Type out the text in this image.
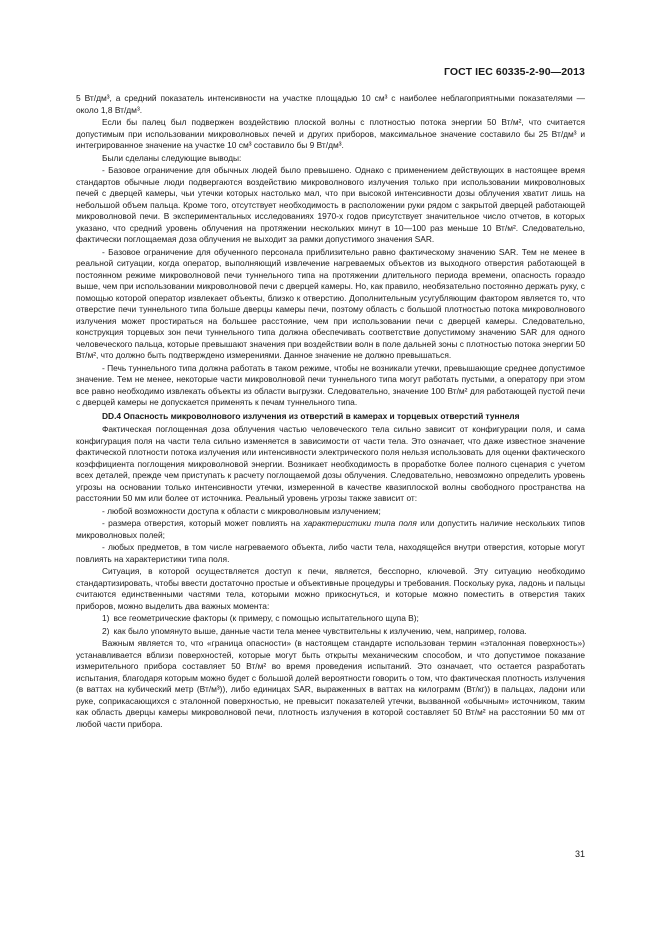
ГОСТ IEC 60335-2-90—2013

5 Вт/дм³, а средний показатель интенсивности на участке площадью 10 см³ с наиболее неблагоприятными показателями — около 1,8 Вт/дм³.

Если бы палец был подвержен воздействию плоской волны с плотностью потока энергии 50 Вт/м², что считается допустимым при использовании микроволновых печей и других приборов, максимальное значение составило бы 25 Вт/дм³ и интегрированное значение на участке 10 см³ составило бы 9 Вт/дм³.

Были сделаны следующие выводы:

- Базовое ограничение для обычных людей было превышено. Однако с применением действующих в настоящее время стандартов обычные люди подвергаются воздействию микроволнового излучения только при использовании микроволновых печей с дверцей камеры, чьи утечки которых настолько мал, что при высокой интенсивности дозы облучения хватит лишь на небольшой объем пальца. Кроме того, отсутствует необходимость в расположении руки рядом с закрытой дверцей работающей микроволновой печи. В экспериментальных исследованиях 1970-х годов присутствует значительное число отчетов, в которых указано, что средний уровень облучения на протяжении нескольких минут в 10—100 раз меньше 10 Вт/м². Следовательно, фактически поглощаемая доза облучения не выходит за рамки допустимого значения SAR.

- Базовое ограничение для обученного персонала приблизительно равно фактическому значению SAR. Тем не менее в реальной ситуации, когда оператор, выполняющий извлечение нагреваемых объектов из выходного отверстия работающей в постоянном режиме микроволновой печи туннельного типа на протяжении длительного периода времени, опасность гораздо выше, чем при использовании микроволновой печи с дверцей камеры. Но, как правило, необязательно постоянно держать руку, с помощью которой оператор извлекает объекты, близко к отверстию. Дополнительным усугубляющим фактором является то, что отверстие печи туннельного типа больше дверцы камеры печи, поэтому область с большой плотностью потока микроволнового излучения может простираться на большее расстояние, чем при использовании печи с дверцей камеры. Следовательно, конструкция торцевых зон печи туннельного типа должна обеспечивать соответствие допустимому значению SAR для одного человеческого пальца, которые превышают значения при воздействии волн в поле дальней зоны с плотностью потока энергии 50 Вт/м², что должно быть подтверждено измерениями. Данное значение не должно превышаться.

- Печь туннельного типа должна работать в таком режиме, чтобы не возникали утечки, превышающие среднее допустимое значение. Тем не менее, некоторые части микроволновой печи туннельного типа могут работать пустыми, а оператору при этом все равно необходимо извлекать объекты из области выгрузки. Следовательно, значение 100 Вт/м² для работающей пустой печи с дверцей камеры не допускается применять к печам туннельного типа.

DD.4 Опасность микроволнового излучения из отверстий в камерах и торцевых отверстий туннеля

Фактическая поглощенная доза облучения частью человеческого тела сильно зависит от конфигурации поля, и сама конфигурация поля на части тела сильно изменяется в зависимости от части тела. Это означает, что даже известное значение фактической плотности потока излучения или интенсивности электрического поля нельзя использовать для оценки фактического коэффициента поглощения микроволновой энергии. Возникает необходимость в проработке более полного сценария с учетом всех деталей, прежде чем приступать к расчету поглощаемой дозы облучения. Следовательно, невозможно определить уровень угрозы на основании только интенсивности утечки, измеренной в качестве квазиплоской волны свободного пространства на расстоянии 50 мм или более от источника. Реальный уровень угрозы также зависит от:

- любой возможности доступа к области с микроволновым излучением;

- размера отверстия, который может повлиять на характеристики типа поля или допустить наличие нескольких типов микроволновых полей;

- любых предметов, в том числе нагреваемого объекта, либо части тела, находящейся внутри отверстия, которые могут повлиять на характеристики типа поля.

Ситуация, в которой осуществляется доступ к печи, является, бесспорно, ключевой. Эту ситуацию необходимо стандартизировать, чтобы ввести достаточно простые и объективные процедуры и требования. Поскольку рука, ладонь и пальцы считаются единственными частями тела, которыми можно прикоснуться, и которые можно поместить в отверстия таких приборов, можно выделить два важных момента:

1) все геометрические факторы (к примеру, с помощью испытательного щупа В);

2) как было упомянуто выше, данные части тела менее чувствительны к излучению, чем, например, голова.

Важным является то, что «граница опасности» (в настоящем стандарте использован термин «эталонная поверхность») устанавливается вблизи поверхностей, которые могут быть открыты механическим способом, и что допустимое показание измерительного прибора составляет 50 Вт/м² во время проведения испытаний. Это означает, что остается разработать испытания, благодаря которым можно будет с большой долей вероятности говорить о том, что фактическая плотность излучения (в ваттах на кубический метр (Вт/м³)), либо единицах SAR, выраженных в ваттах на килограмм (Вт/кг)) в пальцах, ладони или руке, соприкасающихся с эталонной поверхностью, не превысит показателей утечки, вызванной «обычным» источником, таким как область дверцы камеры микроволновой печи, плотность излучения в которой составляет 50 Вт/м² на расстоянии 50 мм от любой части прибора.

31
